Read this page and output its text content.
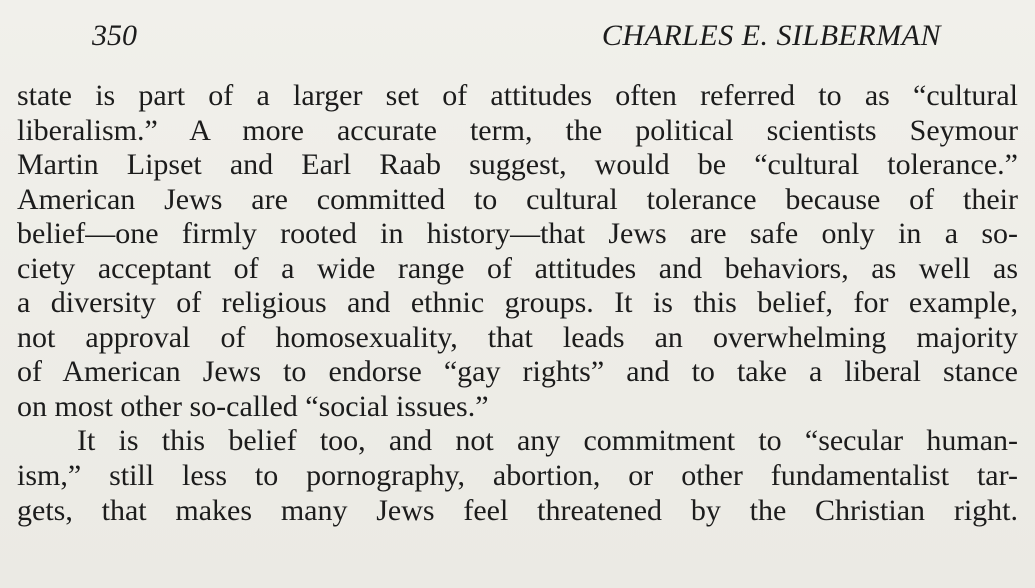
350	CHARLES E. SILBERMAN
state is part of a larger set of attitudes often referred to as “cultural
liberalism.” A more accurate term, the political scientists Seymour
Martin Lipset and Earl Raab suggest, would be “cultural tolerance.”
American Jews are committed to cultural tolerance because of their
belief—one firmly rooted in history—that Jews are safe only in a so-
ciety acceptant of a wide range of attitudes and behaviors, as well as
a diversity of religious and ethnic groups. It is this belief, for example,
not approval of homosexuality, that leads an overwhelming majority
of American Jews to endorse “gay rights” and to take a liberal stance
on most other so-called “social issues.”
It is this belief too, and not any commitment to “secular human-
ism,” still less to pornography, abortion, or other fundamentalist tar-
gets, that makes many Jews feel threatened by the Christian right.
